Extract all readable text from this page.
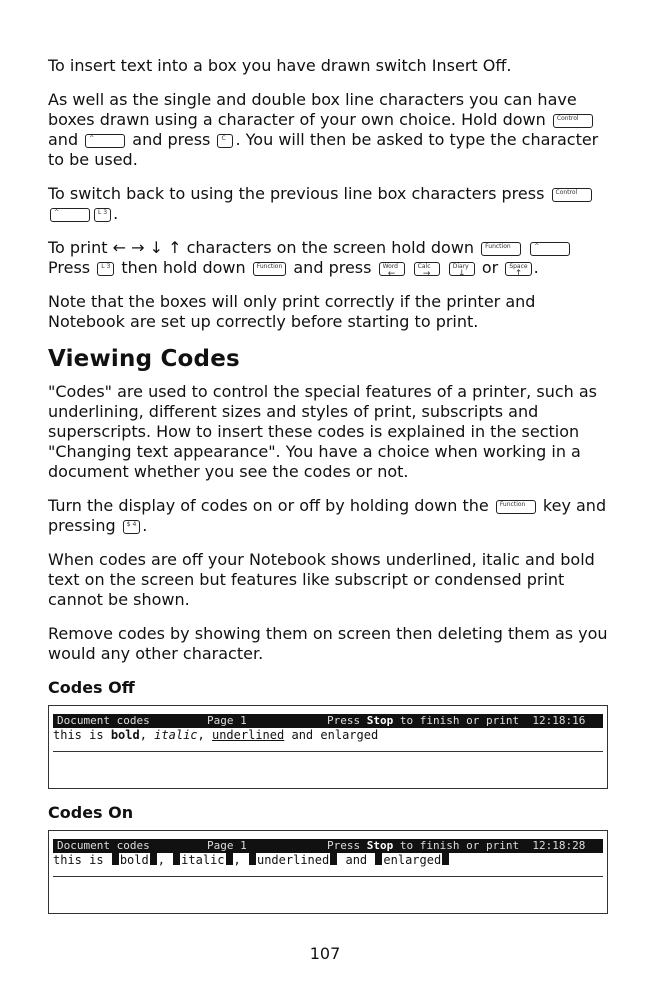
To insert text into a box you have drawn switch Insert Off.

As well as the single and double box line characters you can have boxes drawn using a character of your own choice. Hold down Control and ^ and press C . You will then be asked to type the character to be used.

To switch back to using the previous line box characters press Control^	L 3 .

To print ← → ↓ ↑ characters on the screen hold down Function	^
Press L 3 then hold down Function and press Word
←
Calc
→
Diary
↓	or Space
↑ .

Note that the boxes will only print correctly if the printer and Notebook are set up correctly before starting to print.

Viewing Codes

"Codes" are used to control the special features of a printer, such as underlining, different sizes and styles of print, subscripts and superscripts. How to insert these codes is explained in the section "Changing text appearance". You have a choice when working in a document whether you see the codes or not.

Turn the display of codes on or off by holding down the Function key and pressing $ 4 .

When codes are off your Notebook shows underlined, italic and bold text on the screen but features like subscript or condensed print cannot be shown.

Remove codes by showing them on screen then deleting them as you would any other character.

Codes Off
Document codes	Page 1	Press
Stop
to finish or print
12:18:16
this is bold, italic, underlined and enlarged
Codes On
Document codes	Page 1	Press
Stop
to finish or print
12:18:28
this is bold , italic , underlined and enlarged
107
